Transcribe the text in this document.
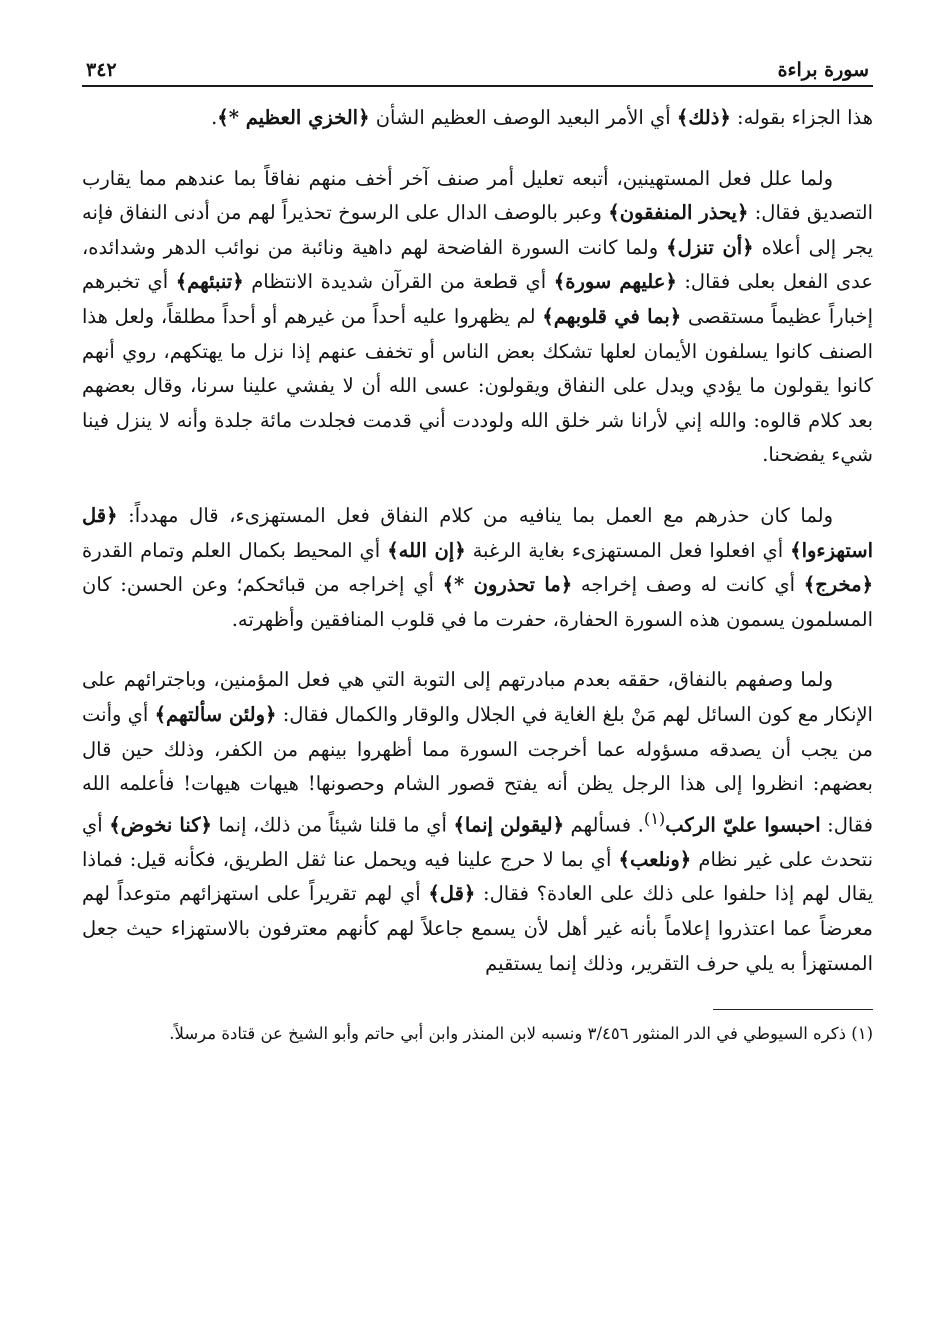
٣٤٢	سورة براءة

هذا الجزاء بقوله: ﴿ذلك﴾ أي الأمر البعيد الوصف العظيم الشأن ﴿الخزي العظيم *﴾.

ولما علل فعل المستهينين، أتبعه تعليل أمر صنف آخر أخف منهم نفاقاً بما عندهم مما يقارب التصديق فقال: ﴿يحذر المنفقون﴾ وعبر بالوصف الدال على الرسوخ تحذيراً لهم من أدنى النفاق فإنه يجر إلى أعلاه ﴿أن تنزل﴾ ولما كانت السورة الفاضحة لهم داهية ونائبة من نوائب الدهر وشدائده، عدى الفعل بعلى فقال: ﴿عليهم سورة﴾ أي قطعة من القرآن شديدة الانتظام ﴿تنبئهم﴾ أي تخبرهم إخباراً عظيماً مستقصى ﴿بما في قلوبهم﴾ لم يظهروا عليه أحداً من غيرهم أو أحداً مطلقاً، ولعل هذا الصنف كانوا يسلفون الأيمان لعلها تشكك بعض الناس أو تخفف عنهم إذا نزل ما يهتكهم، روي أنهم كانوا يقولون ما يؤدي ويدل على النفاق ويقولون: عسى الله أن لا يفشي علينا سرنا، وقال بعضهم بعد كلام قالوه: والله إني لأرانا شر خلق الله ولوددت أني قدمت فجلدت مائة جلدة وأنه لا ينزل فينا شيء يفضحنا.

ولما كان حذرهم مع العمل بما ينافيه من كلام النفاق فعل المستهزىء، قال مهدداً: ﴿قل استهزءوا﴾ أي افعلوا فعل المستهزىء بغاية الرغبة ﴿إن الله﴾ أي المحيط بكمال العلم وتمام القدرة ﴿مخرج﴾ أي كانت له وصف إخراجه ﴿ما تحذرون *﴾ أي إخراجه من قبائحكم؛ وعن الحسن: كان المسلمون يسمون هذه السورة الحفارة، حفرت ما في قلوب المنافقين وأظهرته.

ولما وصفهم بالنفاق، حققه بعدم مبادرتهم إلى التوبة التي هي فعل المؤمنين، وباجترائهم على الإنكار مع كون السائل لهم مَنْ بلغ الغاية في الجلال والوقار والكمال فقال: ﴿ولئن سألتهم﴾ أي وأنت من يجب أن يصدقه مسؤوله عما أخرجت السورة مما أظهروا بينهم من الكفر، وذلك حين قال بعضهم: انظروا إلى هذا الرجل يظن أنه يفتح قصور الشام وحصونها! هيهات هيهات! فأعلمه الله فقال: احبسوا عليّ الركب$^{(١)}$. فسألهم ﴿ليقولن إنما﴾ أي ما قلنا شيئاً من ذلك، إنما ﴿كنا نخوض﴾ أي نتحدث على غير نظام ﴿ونلعب﴾ أي بما لا حرج علينا فيه ويحمل عنا ثقل الطريق، فكأنه قيل: فماذا يقال لهم إذا حلفوا على ذلك على العادة؟ فقال: ﴿قل﴾ أي لهم تقريراً على استهزائهم متوعداً لهم معرضاً عما اعتذروا إعلاماً بأنه غير أهل لأن يسمع جاعلاً لهم كأنهم معترفون بالاستهزاء حيث جعل المستهزأ به يلي حرف التقرير، وذلك إنما يستقيم

(١) ذكره السيوطي في الدر المنثور ٣/٤٥٦ ونسبه لابن المنذر وابن أبي حاتم وأبو الشيخ عن قتادة مرسلاً.
